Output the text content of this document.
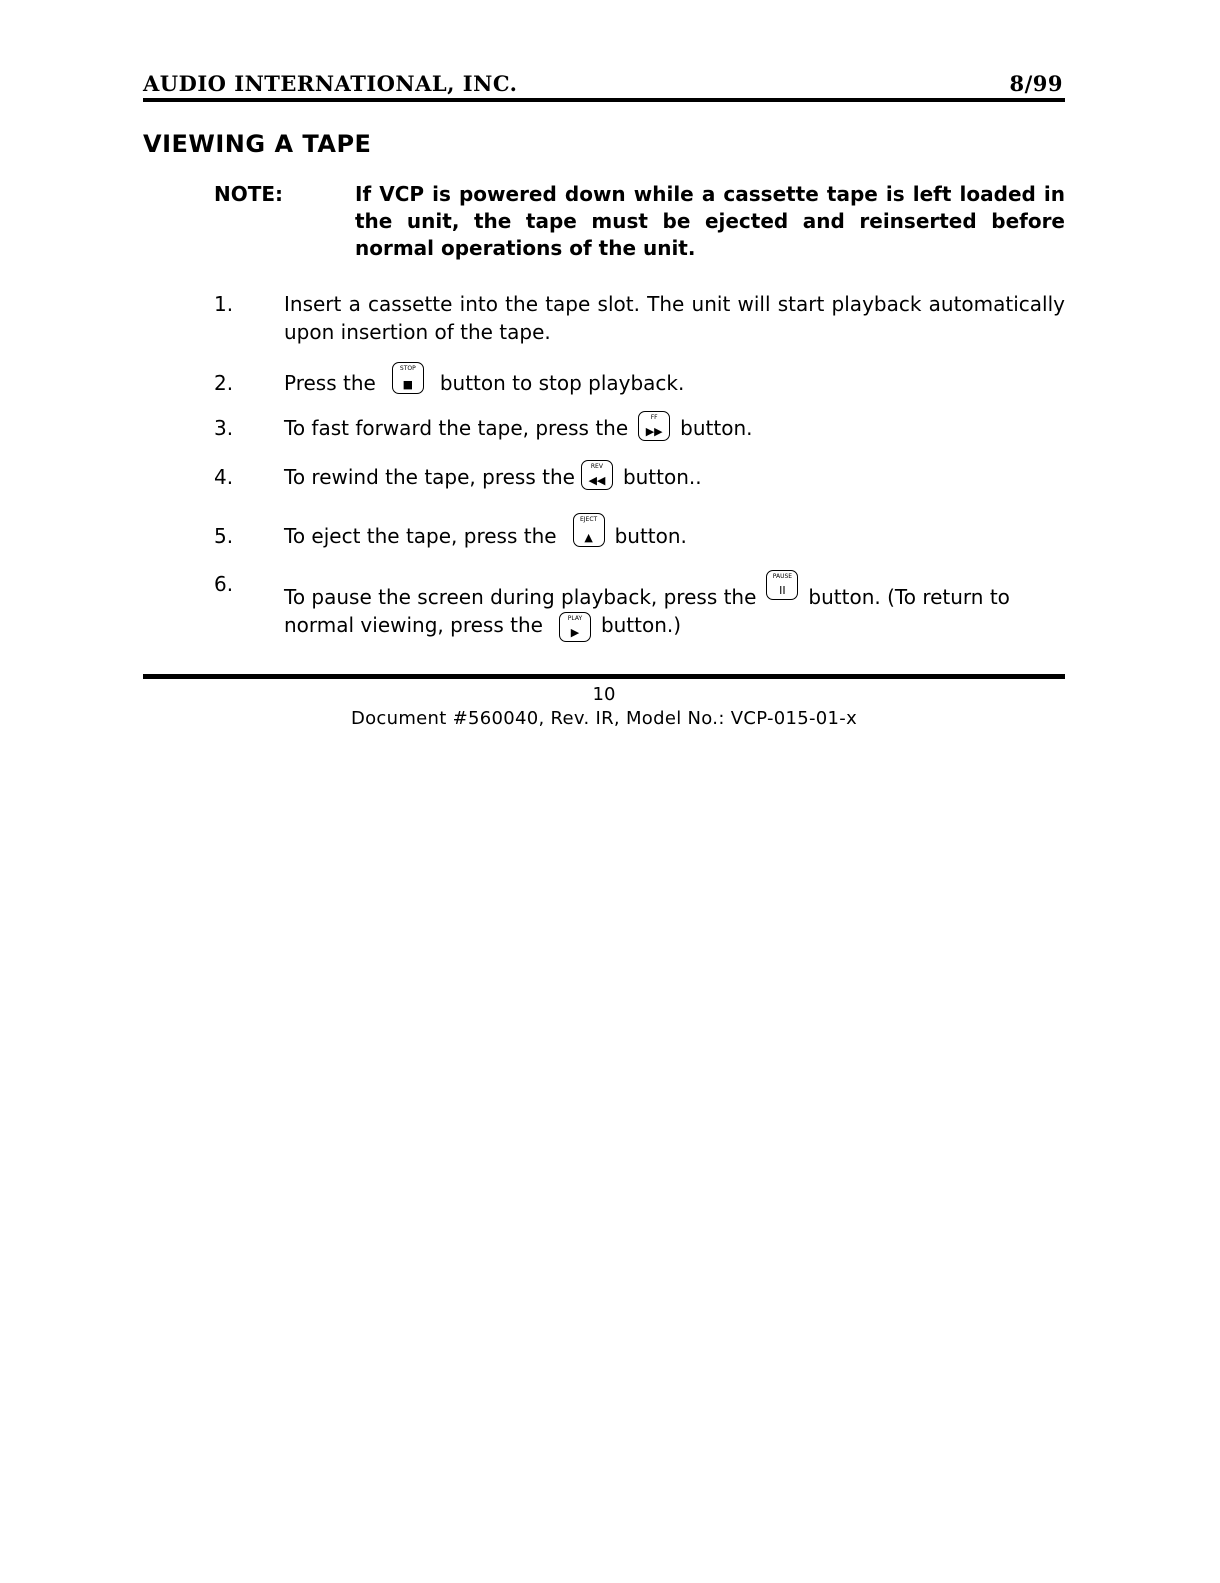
AUDIO INTERNATIONAL, INC.	8/99
VIEWING A TAPE
NOTE:	If VCP is powered down while a cassette tape is left loaded in the unit, the tape must be ejected and reinserted before normal operations of the unit.
1.	Insert a cassette into the tape slot. The unit will start playback automatically upon insertion of the tape.
2.	Press the
STOP
■	button to stop playback.
3.	To fast forward the tape, press the	FF
▶▶ button.
4.	To rewind the tape, press the	REV
◀◀ button..
5.	To eject the tape, press the
EJECT
▲	button.
6.
To pause the screen during playback, press the
PAUSE
II	button. (To return to normal viewing, press the	PLAY
▶	button.)
10
Document #560040, Rev. IR, Model No.: VCP-015-01-x
